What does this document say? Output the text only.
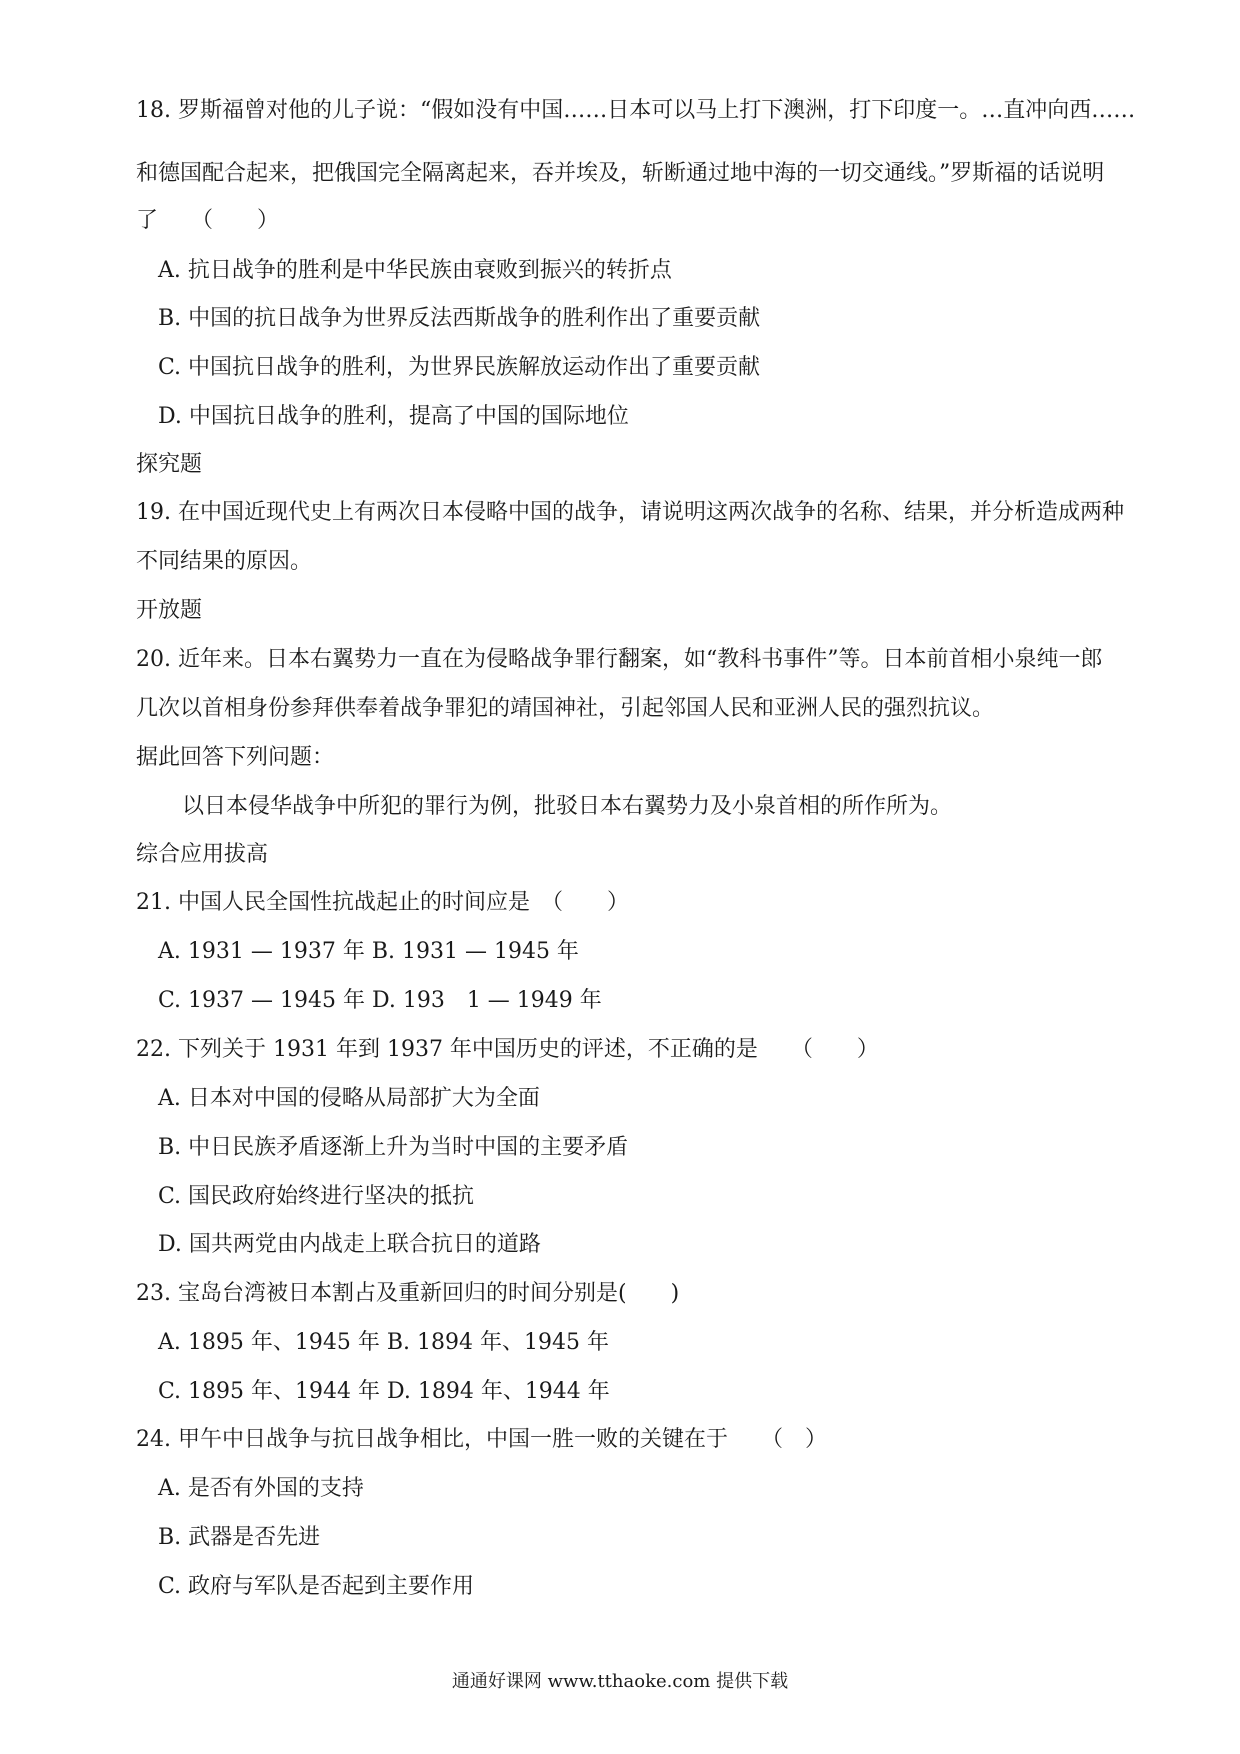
18. 罗斯福曾对他的儿子说：“假如没有中国……日本可以马上打下澳洲，打下印度一。…直冲向西……
和德国配合起来，把俄国完全隔离起来，吞并埃及，斩断通过地中海的一切交通线。”罗斯福的话说明
了　　（　　）
A. 抗日战争的胜利是中华民族由衰败到振兴的转折点
B. 中国的抗日战争为世界反法西斯战争的胜利作出了重要贡献
C. 中国抗日战争的胜利，为世界民族解放运动作出了重要贡献
D. 中国抗日战争的胜利，提高了中国的国际地位
探究题
19. 在中国近现代史上有两次日本侵略中国的战争，请说明这两次战争的名称、结果，并分析造成两种
不同结果的原因。
开放题
20. 近年来。日本右翼势力一直在为侵略战争罪行翻案，如“教科书事件”等。日本前首相小泉纯一郎
几次以首相身份参拜供奉着战争罪犯的靖国神社，引起邻国人民和亚洲人民的强烈抗议。
据此回答下列问题：
以日本侵华战争中所犯的罪行为例，批驳日本右翼势力及小泉首相的所作所为。
综合应用拔高
21. 中国人民全国性抗战起止的时间应是　（　　）
A. 1931 — 1937 年 B. 1931 — 1945 年
C. 1937 — 1945 年 D. 193　1 — 1949 年
22. 下列关于 1931 年到 1937 年中国历史的评述，不正确的是　　（　　）
A. 日本对中国的侵略从局部扩大为全面
B. 中日民族矛盾逐渐上升为当时中国的主要矛盾
C. 国民政府始终进行坚决的抵抗
D. 国共两党由内战走上联合抗日的道路
23. 宝岛台湾被日本割占及重新回归的时间分别是(　　)
A. 1895 年、1945 年 B. 1894 年、1945 年
C. 1895 年、1944 年 D. 1894 年、1944 年
24. 甲午中日战争与抗日战争相比，中国一胜一败的关键在于　　（　）
A. 是否有外国的支持
B. 武器是否先进
C. 政府与军队是否起到主要作用
通通好课网 www.tthaoke.com 提供下载
